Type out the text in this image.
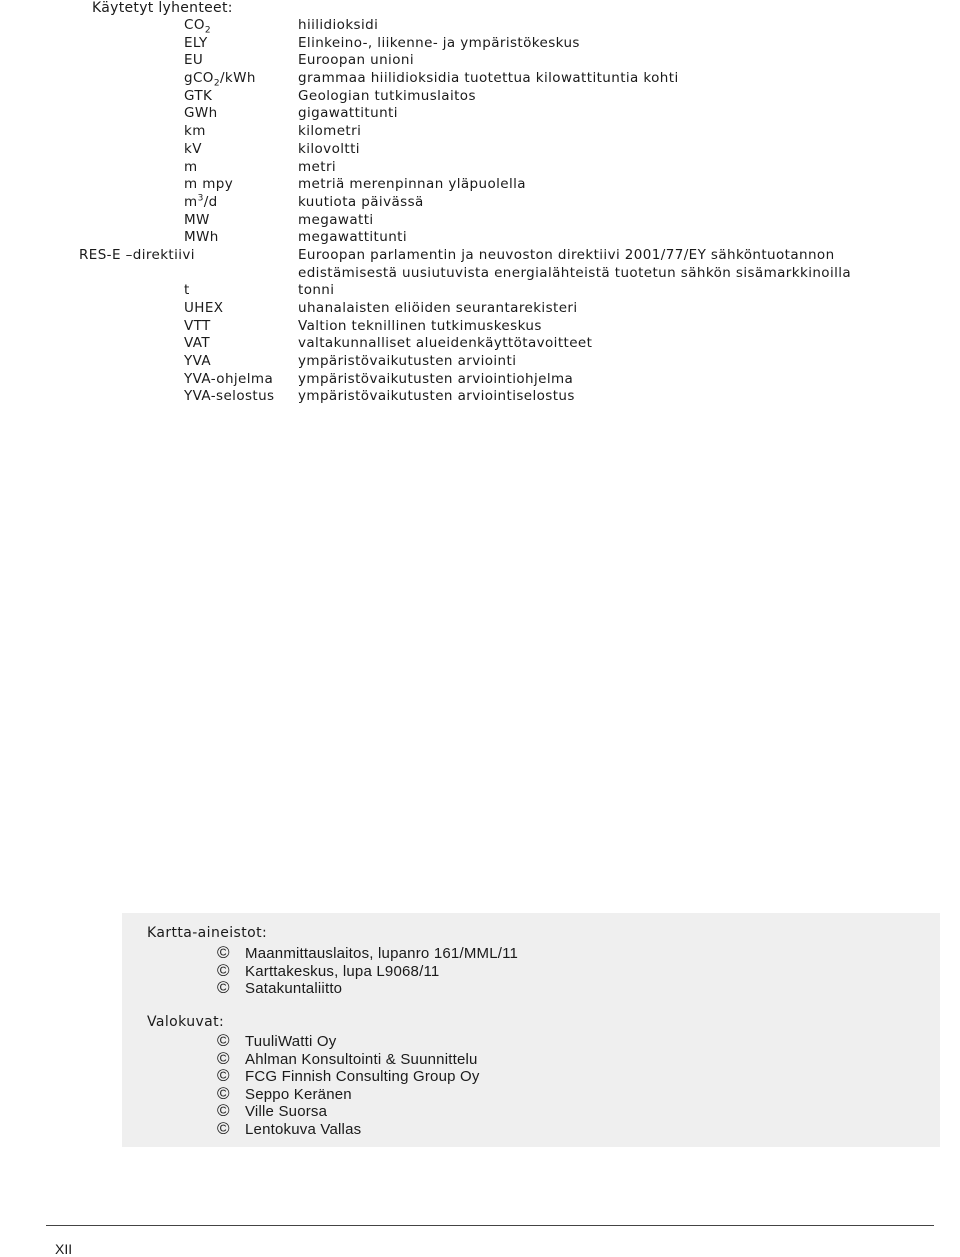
Käytetyt lyhenteet:
$CO_2$	hiilidioksidi
ELY	Elinkeino-, liikenne- ja ympäristökeskus
EU	Euroopan unioni
gCO$_2$/kWh	grammaa hiilidioksidia tuotettua kilowattituntia kohti
GTK	Geologian tutkimuslaitos
GWh	gigawattitunti
km	kilometri
kV	kilovoltti
m	metri
m mpy	metriä merenpinnan yläpuolella
$m^3/d$	kuutiota päivässä
MW	megawatti
MWh	megawattitunti
RES-E –direktiivi	Euroopan parlamentin ja neuvoston direktiivi 2001/77/EY sähköntuotannon edistämisestä uusiutuvista energialähteistä tuotetun sähkön sisämarkkinoilla
t	tonni
UHEX	uhanalaisten eliöiden seurantarekisteri
VTT	Valtion teknillinen tutkimuskeskus
VAT	valtakunnalliset alueidenkäyttötavoitteet
YVA	ympäristövaikutusten arviointi
YVA-ohjelma ympäristövaikutusten arviointiohjelma
YVA-selostus ympäristövaikutusten arviointiselostus
Kartta-aineistot:
© Maanmittauslaitos, lupanro 161/MML/11
© Karttakeskus, lupa L9068/11
© Satakuntaliitto
Valokuvat:
© TuuliWatti Oy
© Ahlman Konsultointi & Suunnittelu
© FCG Finnish Consulting Group Oy
© Seppo Keränen
© Ville Suorsa
© Lentokuva Vallas
XII
